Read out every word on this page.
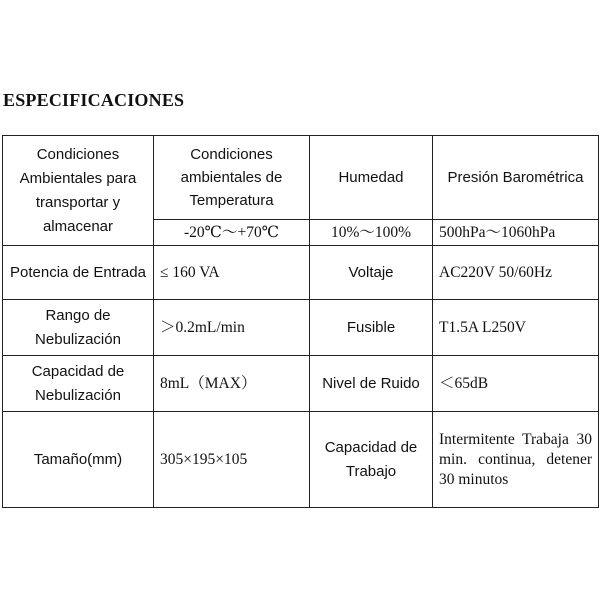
ESPECIFICACIONES
Condiciones Ambientales para transportar y almacenar	Condiciones ambientales de Temperatura	Humedad	Presión Barométrica
	-20℃～+70℃	10%～100%	500hPa～1060hPa
Potencia de Entrada	≤ 160 VA	Voltaje	AC220V 50/60Hz
Rango de Nebulización	＞0.2mL/min	Fusible	T1.5A L250V
Capacidad de Nebulización	8mL（MAX）	Nivel de Ruido	＜65dB
Tamaño(mm)	305×195×105	Capacidad de Trabajo	Intermitente Trabaja 30 min. continua, detener 30 minutos
